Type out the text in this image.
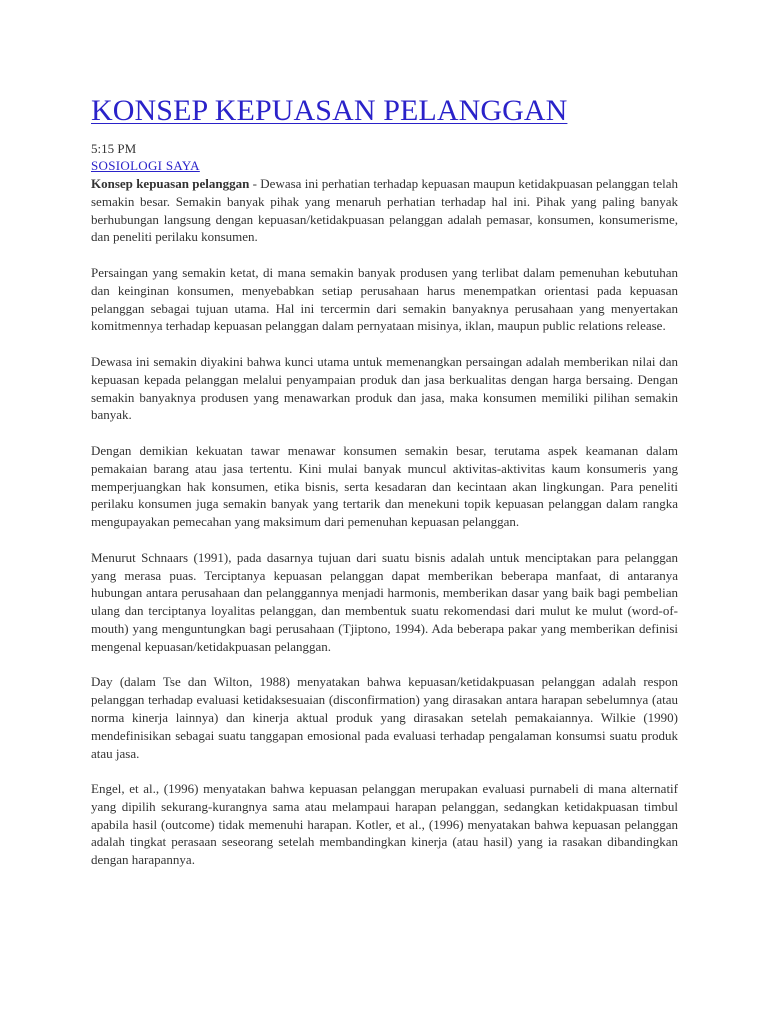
KONSEP KEPUASAN PELANGGAN
5:15 PM
SOSIOLOGI SAYA

Konsep kepuasan pelanggan - Dewasa ini perhatian terhadap kepuasan maupun ketidakpuasan pelanggan telah semakin besar. Semakin banyak pihak yang menaruh perhatian terhadap hal ini. Pihak yang paling banyak berhubungan langsung dengan kepuasan/ketidakpuasan pelanggan adalah pemasar, konsumen, konsumerisme, dan peneliti perilaku konsumen.

Persaingan yang semakin ketat, di mana semakin banyak produsen yang terlibat dalam pemenuhan kebutuhan dan keinginan konsumen, menyebabkan setiap perusahaan harus menempatkan orientasi pada kepuasan pelanggan sebagai tujuan utama. Hal ini tercermin dari semakin banyaknya perusahaan yang menyertakan komitmennya terhadap kepuasan pelanggan dalam pernyataan misinya, iklan, maupun public relations release.

Dewasa ini semakin diyakini bahwa kunci utama untuk memenangkan persaingan adalah memberikan nilai dan kepuasan kepada pelanggan melalui penyampaian produk dan jasa berkualitas dengan harga bersaing. Dengan semakin banyaknya produsen yang menawarkan produk dan jasa, maka konsumen memiliki pilihan semakin banyak.

Dengan demikian kekuatan tawar menawar konsumen semakin besar, terutama aspek keamanan dalam pemakaian barang atau jasa tertentu. Kini mulai banyak muncul aktivitas-aktivitas kaum konsumeris yang memperjuangkan hak konsumen, etika bisnis, serta kesadaran dan kecintaan akan lingkungan. Para peneliti perilaku konsumen juga semakin banyak yang tertarik dan menekuni topik kepuasan pelanggan dalam rangka mengupayakan pemecahan yang maksimum dari pemenuhan kepuasan pelanggan.

Menurut Schnaars (1991), pada dasarnya tujuan dari suatu bisnis adalah untuk menciptakan para pelanggan yang merasa puas. Terciptanya kepuasan pelanggan dapat memberikan beberapa manfaat, di antaranya hubungan antara perusahaan dan pelanggannya menjadi harmonis, memberikan dasar yang baik bagi pembelian ulang dan terciptanya loyalitas pelanggan, dan membentuk suatu rekomendasi dari mulut ke mulut (word-of-mouth) yang menguntungkan bagi perusahaan (Tjiptono, 1994). Ada beberapa pakar yang memberikan definisi mengenal kepuasan/ketidakpuasan pelanggan.

Day (dalam Tse dan Wilton, 1988) menyatakan bahwa kepuasan/ketidakpuasan pelanggan adalah respon pelanggan terhadap evaluasi ketidaksesuaian (disconfirmation) yang dirasakan antara harapan sebelumnya (atau norma kinerja lainnya) dan kinerja aktual produk yang dirasakan setelah pemakaiannya. Wilkie (1990) mendefinisikan sebagai suatu tanggapan emosional pada evaluasi terhadap pengalaman konsumsi suatu produk atau jasa.

Engel, et al., (1996) menyatakan bahwa kepuasan pelanggan merupakan evaluasi purnabeli di mana alternatif yang dipilih sekurang-kurangnya sama atau melampaui harapan pelanggan, sedangkan ketidakpuasan timbul apabila hasil (outcome) tidak memenuhi harapan. Kotler, et al., (1996) menyatakan bahwa kepuasan pelanggan adalah tingkat perasaan seseorang setelah membandingkan kinerja (atau hasil) yang ia rasakan dibandingkan dengan harapannya.
